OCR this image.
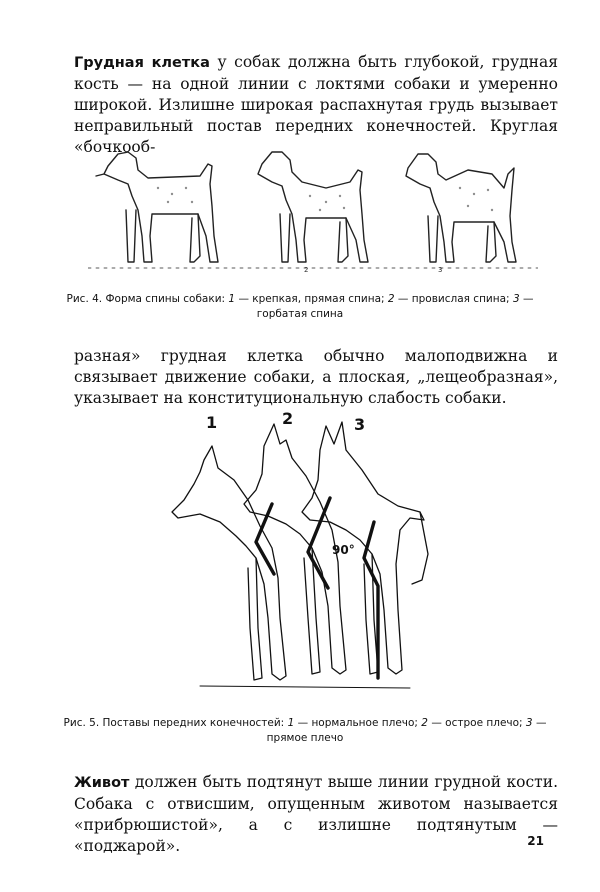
Грудная клетка у собак должна быть глубокой, грудная кость — на одной линии с локтями собаки и умеренно широкой. Излишне широкая распахнутая грудь вызывает неправильный постав передних конечностей. Круглая «бочкооб-

2	3

Рис. 4. Форма спины собаки: 1 — крепкая, прямая спина; 2 — провислая спина; 3 — горбатая спина

разная» грудная клетка обычно малоподвижна и связывает движение собаки, а плоская, „лещеобразная», указывает на конституциональную слабость собаки.

1	2	3
90°

Рис. 5. Поставы передних конечностей: 1 — нормальное плечо; 2 — острое плечо; 3 — прямое плечо

Живот должен быть подтянут выше линии грудной кости. Собака с отвисшим, опущенным животом называется «прибрюшистой», а с излишне подтянутым — «поджарой».	21
